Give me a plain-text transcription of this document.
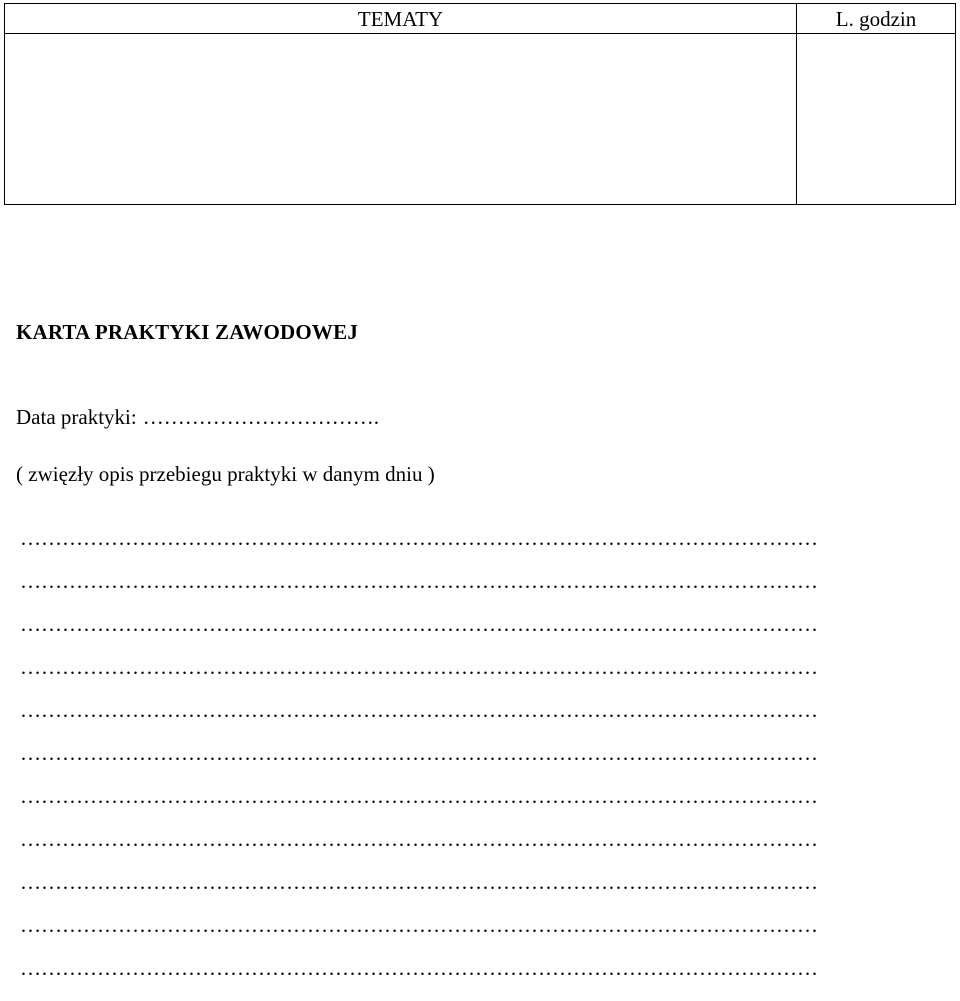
TEMATY	L. godzin
KARTA PRAKTYKI ZAWODOWEJ
Data praktyki: …………………………….
( zwięzły opis przebiegu praktyki w danym dniu )
……………………………………………………………………………………………………
……………………………………………………………………………………………………
……………………………………………………………………………………………………
……………………………………………………………………………………………………
……………………………………………………………………………………………………
……………………………………………………………………………………………………
……………………………………………………………………………………………………
……………………………………………………………………………………………………
……………………………………………………………………………………………………
……………………………………………………………………………………………………
……………………………………………………………………………………………………
